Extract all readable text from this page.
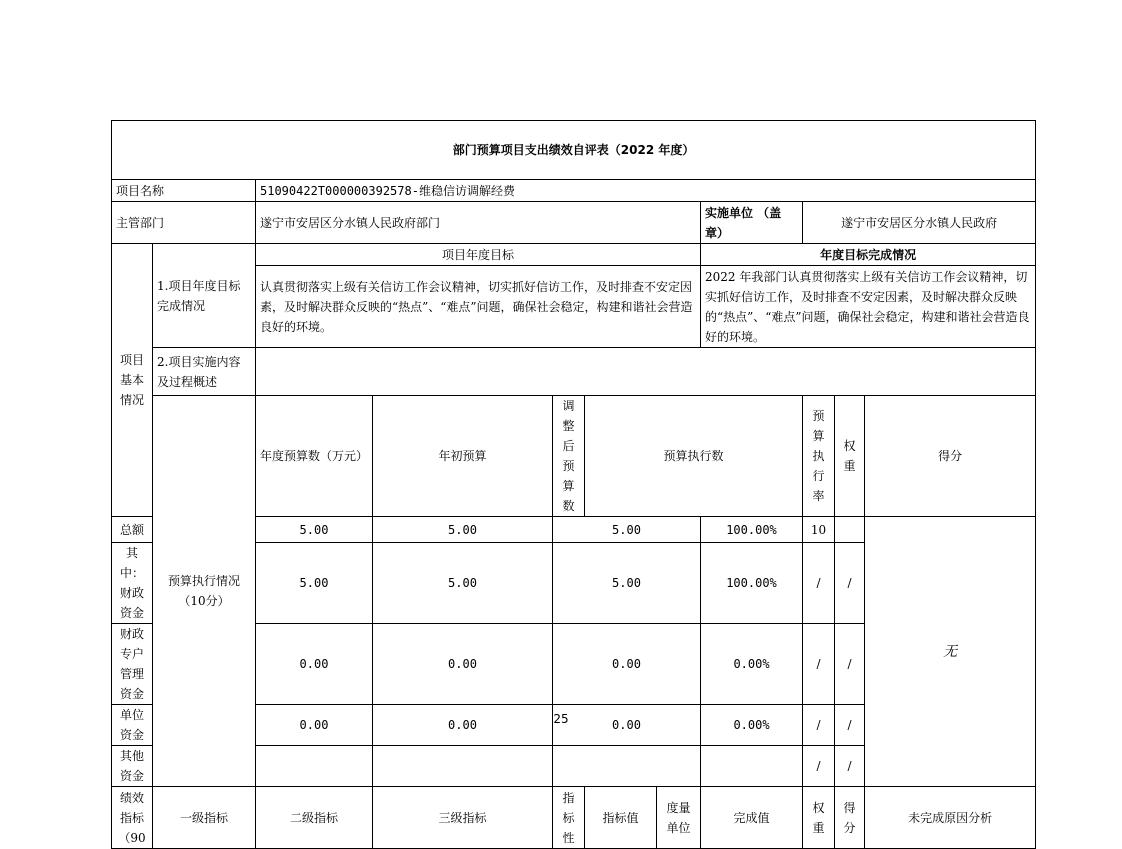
部门预算项目支出绩效自评表（2022 年度）											
项目名称		51090422T000000392578-维稳信访调解经费									
主管部门		遂宁市安居区分水镇人民政府部门					实施单位 （盖章）	遂宁市安居区分水镇人民政府			
项目基本情况	1.项目年度目标完成情况	项目年度目标					年度目标完成情况				
		认真贯彻落实上级有关信访工作会议精神，切实抓好信访工作，及时排查不安定因素，及时解决群众反映的“热点”、“难点”问题，确保社会稳定，构建和谐社会营造良好的环境。					2022 年我部门认真贯彻落实上级有关信访工作会议精神，切实抓好信访工作，及时排查不安定因素，及时解决群众反映的“热点”、“难点”问题，确保社会稳定，构建和谐社会营造良好的环境。				
	2.项目实施内容及过程概述										
	预算执行情况（10分）	年度预算数（万元）	年初预算	调整后预算数	预算执行数			预算执行率	权重	得分	
总额		5.00	5.00	5.00			100.00%	10		无	
其中：财政资金		5.00	5.00	5.00			100.00%	/	/		
财政专户管理资金		0.00	0.00	0.00			0.00%	/	/		
单位资金		0.00	0.00	0.00			0.00%	/	/		
其他资金								/	/		
绩效指标（90	一级指标	二级指标	三级指标	指标性	指标值	度量单位	完成值	权重	得分	未完成原因分析	
25
